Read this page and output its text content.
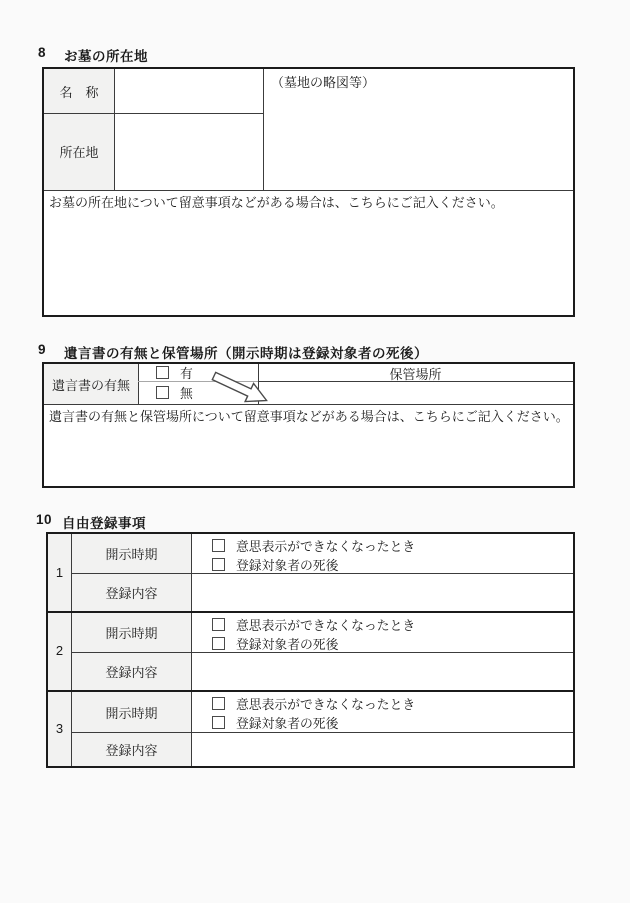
8	お墓の所在地
名　称
所在地
（墓地の略図等）
お墓の所在地について留意事項などがある場合は、こちらにご記入ください。
9	遺言書の有無と保管場所（開示時期は登録対象者の死後）
遺言書の有無
有
無
保管場所
遺言書の有無と保管場所について留意事項などがある場合は、こちらにご記入ください。
10 自由登録事項
1
開示時期
意思表示ができなくなったとき
登録対象者の死後
登録内容
2
開示時期
意思表示ができなくなったとき
登録対象者の死後
登録内容
3
開示時期
意思表示ができなくなったとき
登録対象者の死後
登録内容
